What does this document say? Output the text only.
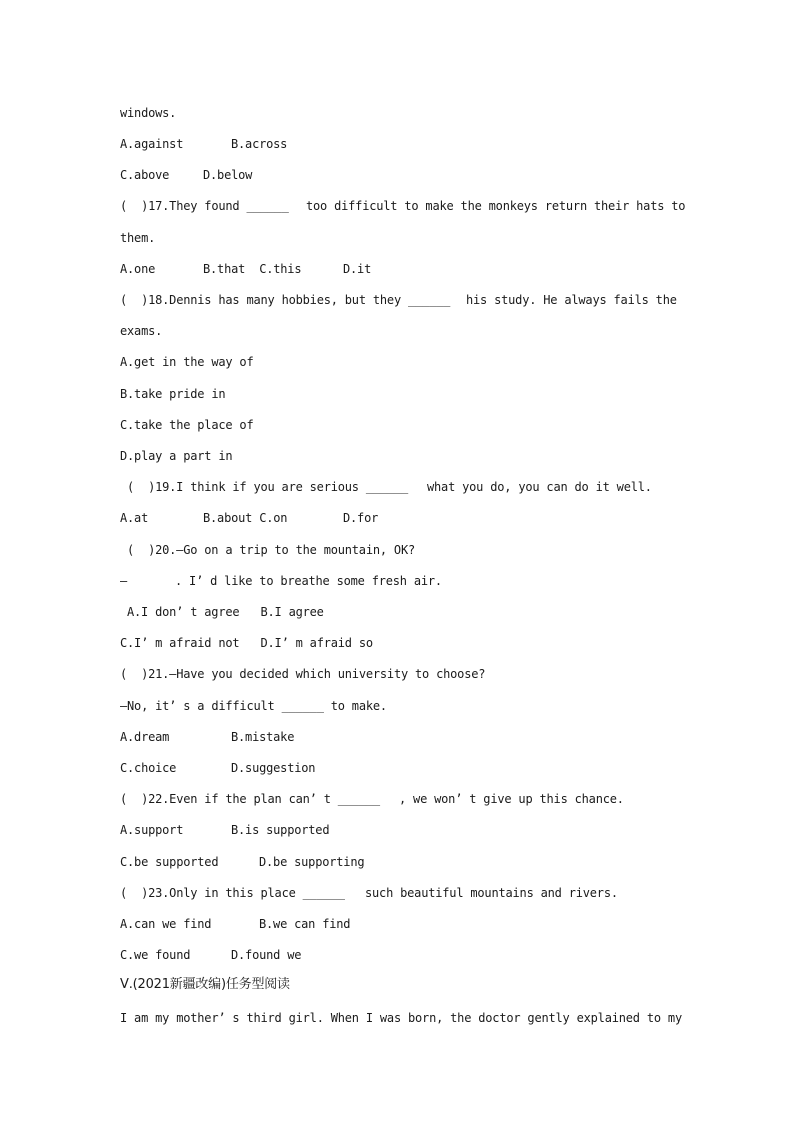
windows.
A.against	B.across
C.above	D.below
(  )17.They found ______ too difficult to make the monkeys return their hats to
them.
A.one	B.that  C.this	D.it
(  )18.Dennis has many hobbies, but they ______ his study. He always fails the
exams.
A.get in the way of
B.take pride in
C.take the place of
D.play a part in
(  )19.I think if you are serious ______ what you do, you can do it well.
A.at	B.about C.on	D.for
(  )20.—Go on a trip to the mountain, OK?
—	. I’ d like to breathe some fresh air.
A.I don’ t agree   B.I agree
C.I’ m afraid not   D.I’ m afraid so
(  )21.—Have you decided which university to choose?
—No, it’ s a difficult ______ to make.
A.dream	B.mistake
C.choice	D.suggestion
(  )22.Even if the plan can’ t ______ , we won’ t give up this chance.
A.support	B.is supported
C.be supported	D.be supporting
(  )23.Only in this place ______ such beautiful mountains and rivers.
A.can we find	B.we can find
C.we found	D.found we
Ⅴ.(2021新疆改编)任务型阅读
I am my mother’ s third girl. When I was born, the doctor gently explained to my
